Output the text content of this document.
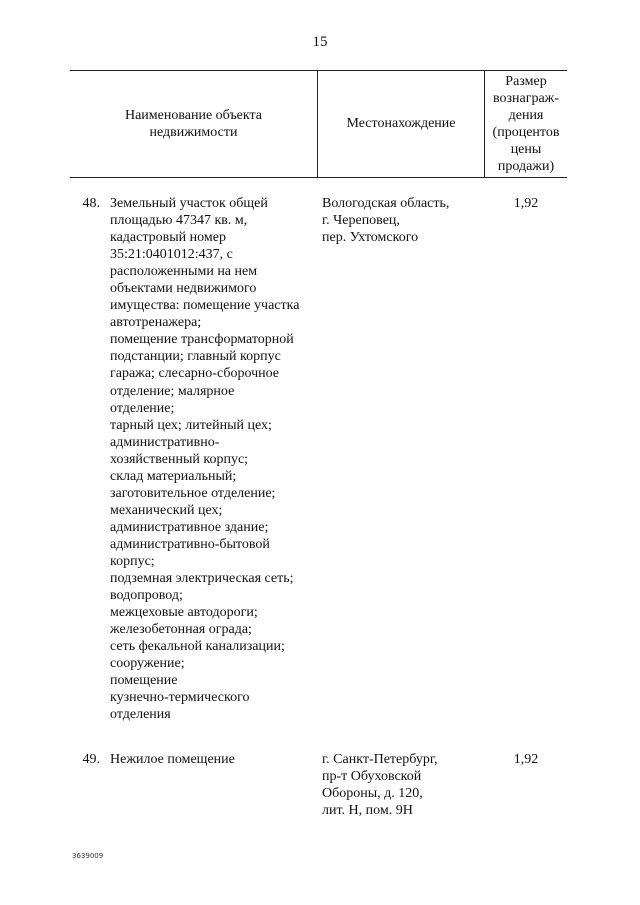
15
Наименование объекта
недвижимости
Местонахождение
Размер
вознаграж-
дения
(процентов
цены
продажи)
48. Земельный участок общей
площадью 47347 кв. м,
кадастровый номер
35:21:0401012:437, с
расположенными на нем
объектами недвижимого
имущества: помещение участка
автотренажера;
помещение трансформаторной
подстанции; главный корпус
гаража; слесарно-сборочное
отделение; малярное
отделение;
тарный цех; литейный цех;
административно-
хозяйственный корпус;
склад материальный;
заготовительное отделение;
механический цех;
административное здание;
административно-бытовой
корпус;
подземная электрическая сеть;
водопровод;
межцеховые автодороги;
железобетонная ограда;
сеть фекальной канализации;
сооружение;
помещение
кузнечно-термического
отделения
Вологодская область,
г. Череповец,
пер. Ухтомского
1,92
49. Нежилое помещение	г. Санкт-Петербург,
пр-т Обуховской
Обороны, д. 120,
лит. Н, пом. 9Н
1,92
3639009
